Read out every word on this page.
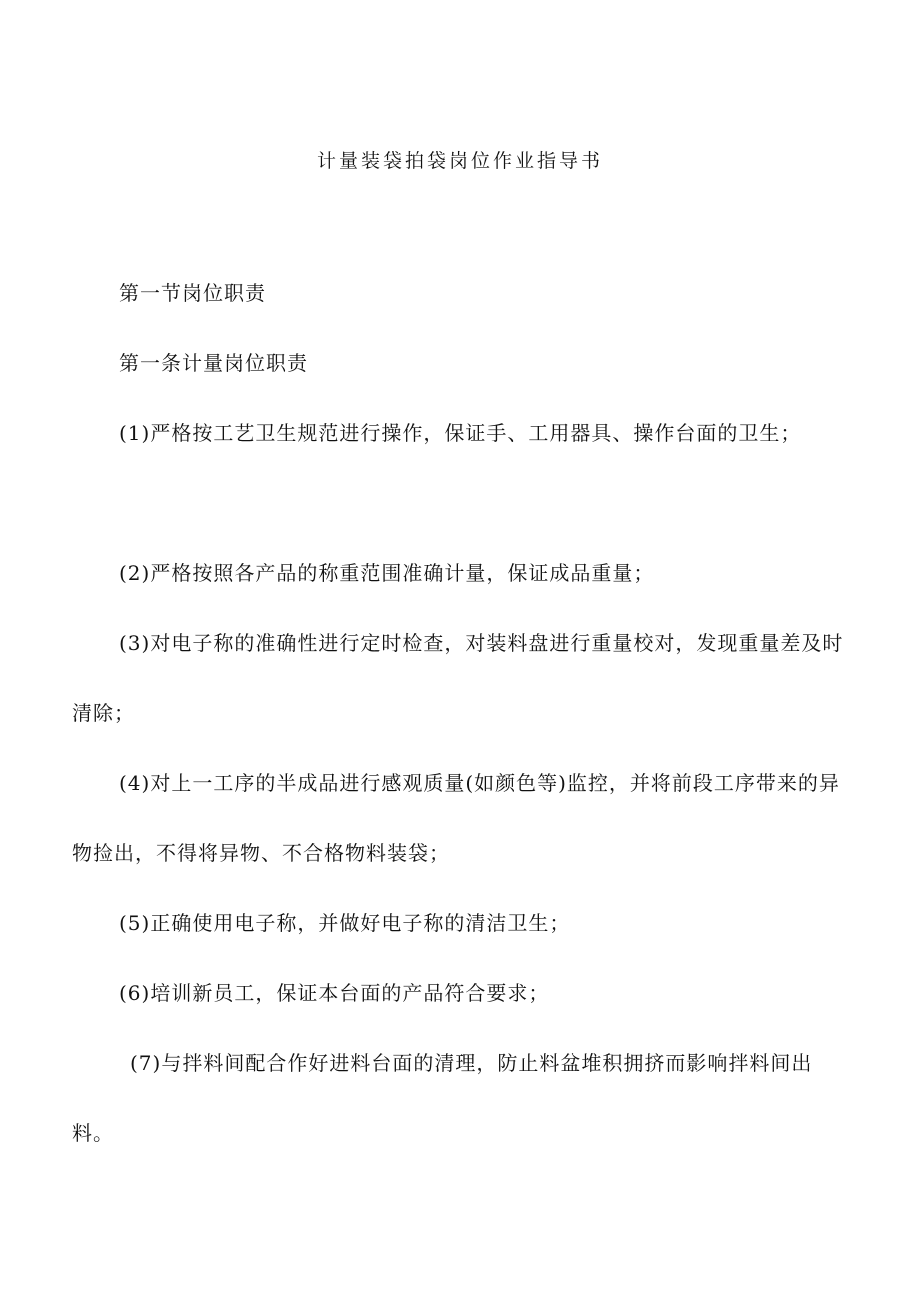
计量装袋拍袋岗位作业指导书
第一节岗位职责
第一条计量岗位职责
(1)严格按工艺卫生规范进行操作，保证手、工用器具、操作台面的卫生；
(2)严格按照各产品的称重范围准确计量，保证成品重量；
(3)对电子称的准确性进行定时检查，对装料盘进行重量校对，发现重量差及时清除；
(4)对上一工序的半成品进行感观质量(如颜色等)监控，并将前段工序带来的异物捡出，不得将异物、不合格物料装袋；
(5)正确使用电子称，并做好电子称的清洁卫生；
(6)培训新员工，保证本台面的产品符合要求；
(7)与拌料间配合作好进料台面的清理，防止料盆堆积拥挤而影响拌料间出料。
